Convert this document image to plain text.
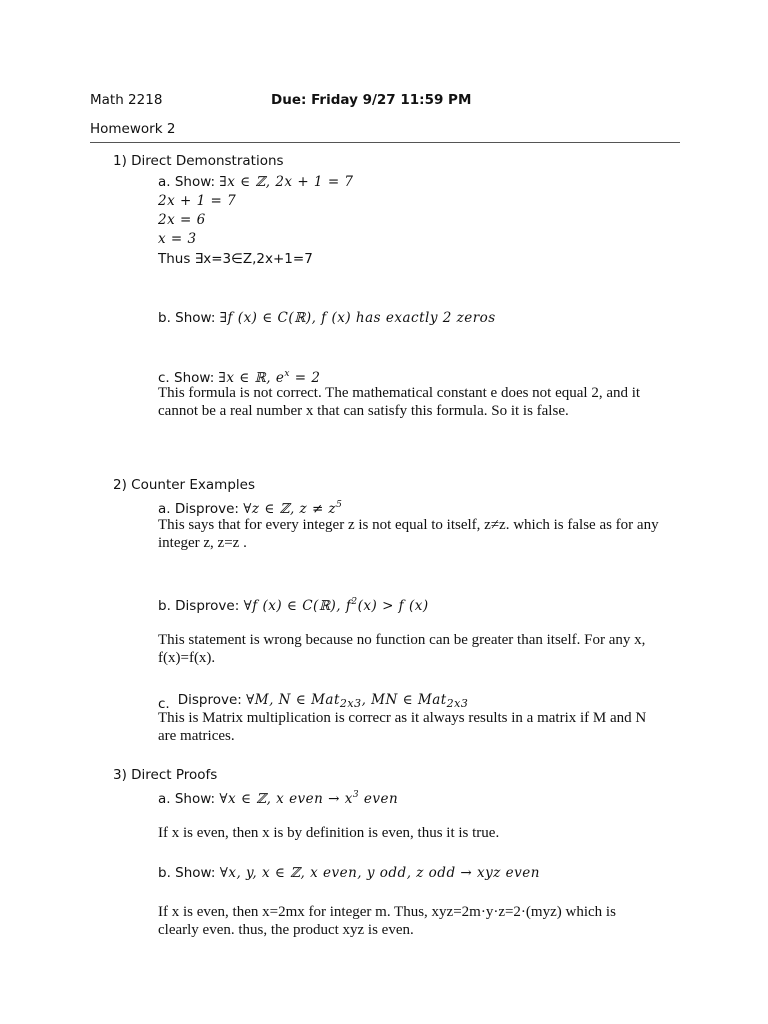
Math 2218	Due: Friday 9/27 11:59 PM
Homework 2
1) Direct Demonstrations
a. Show: ∃x ∈ ℤ, 2x + 1 = 7
2x + 1 = 7
2x = 6
x = 3
Thus ∃x=3∈Z,2x+1=7
b. Show: ∃f (x) ∈ C(ℝ), f (x) has exactly 2 zeros
c. Show: ∃x ∈ ℝ, $e^x = 2$
This formula is not correct. The mathematical constant e does not equal 2, and it cannot be a real number x that can satisfy this formula. So it is false.
2) Counter Examples
a. Disprove: ∀z ∈ ℤ, $z \ne z^5$
This says that for every integer z is not equal to itself, z≠z. which is false as for any integer z, z=z .
b. Disprove: ∀f (x) ∈ C(ℝ), $f^2(x) > f$ (x)
This statement is wrong because no function can be greater than itself. For any x, f(x)=f(x).
$_{c.}$ Disprove: ∀M, N ∈ Mat$_{2x3}$, MN ∈ Mat$_{2x3}$
This is Matrix multiplication is correcr as it always results in a matrix if M and N are matrices.
3) Direct Proofs
a. Show: ∀x ∈ ℤ, x even → $x^3$ even
If x is even, then x is by definition is even, thus it is true.
b. Show: ∀x, y, x ∈ ℤ, x even, y odd, z odd → xyz even
If x is even, then x=2mx for integer m. Thus, xyz=2m·y·z=2·(myz) which is clearly even. thus, the product xyz is even.
